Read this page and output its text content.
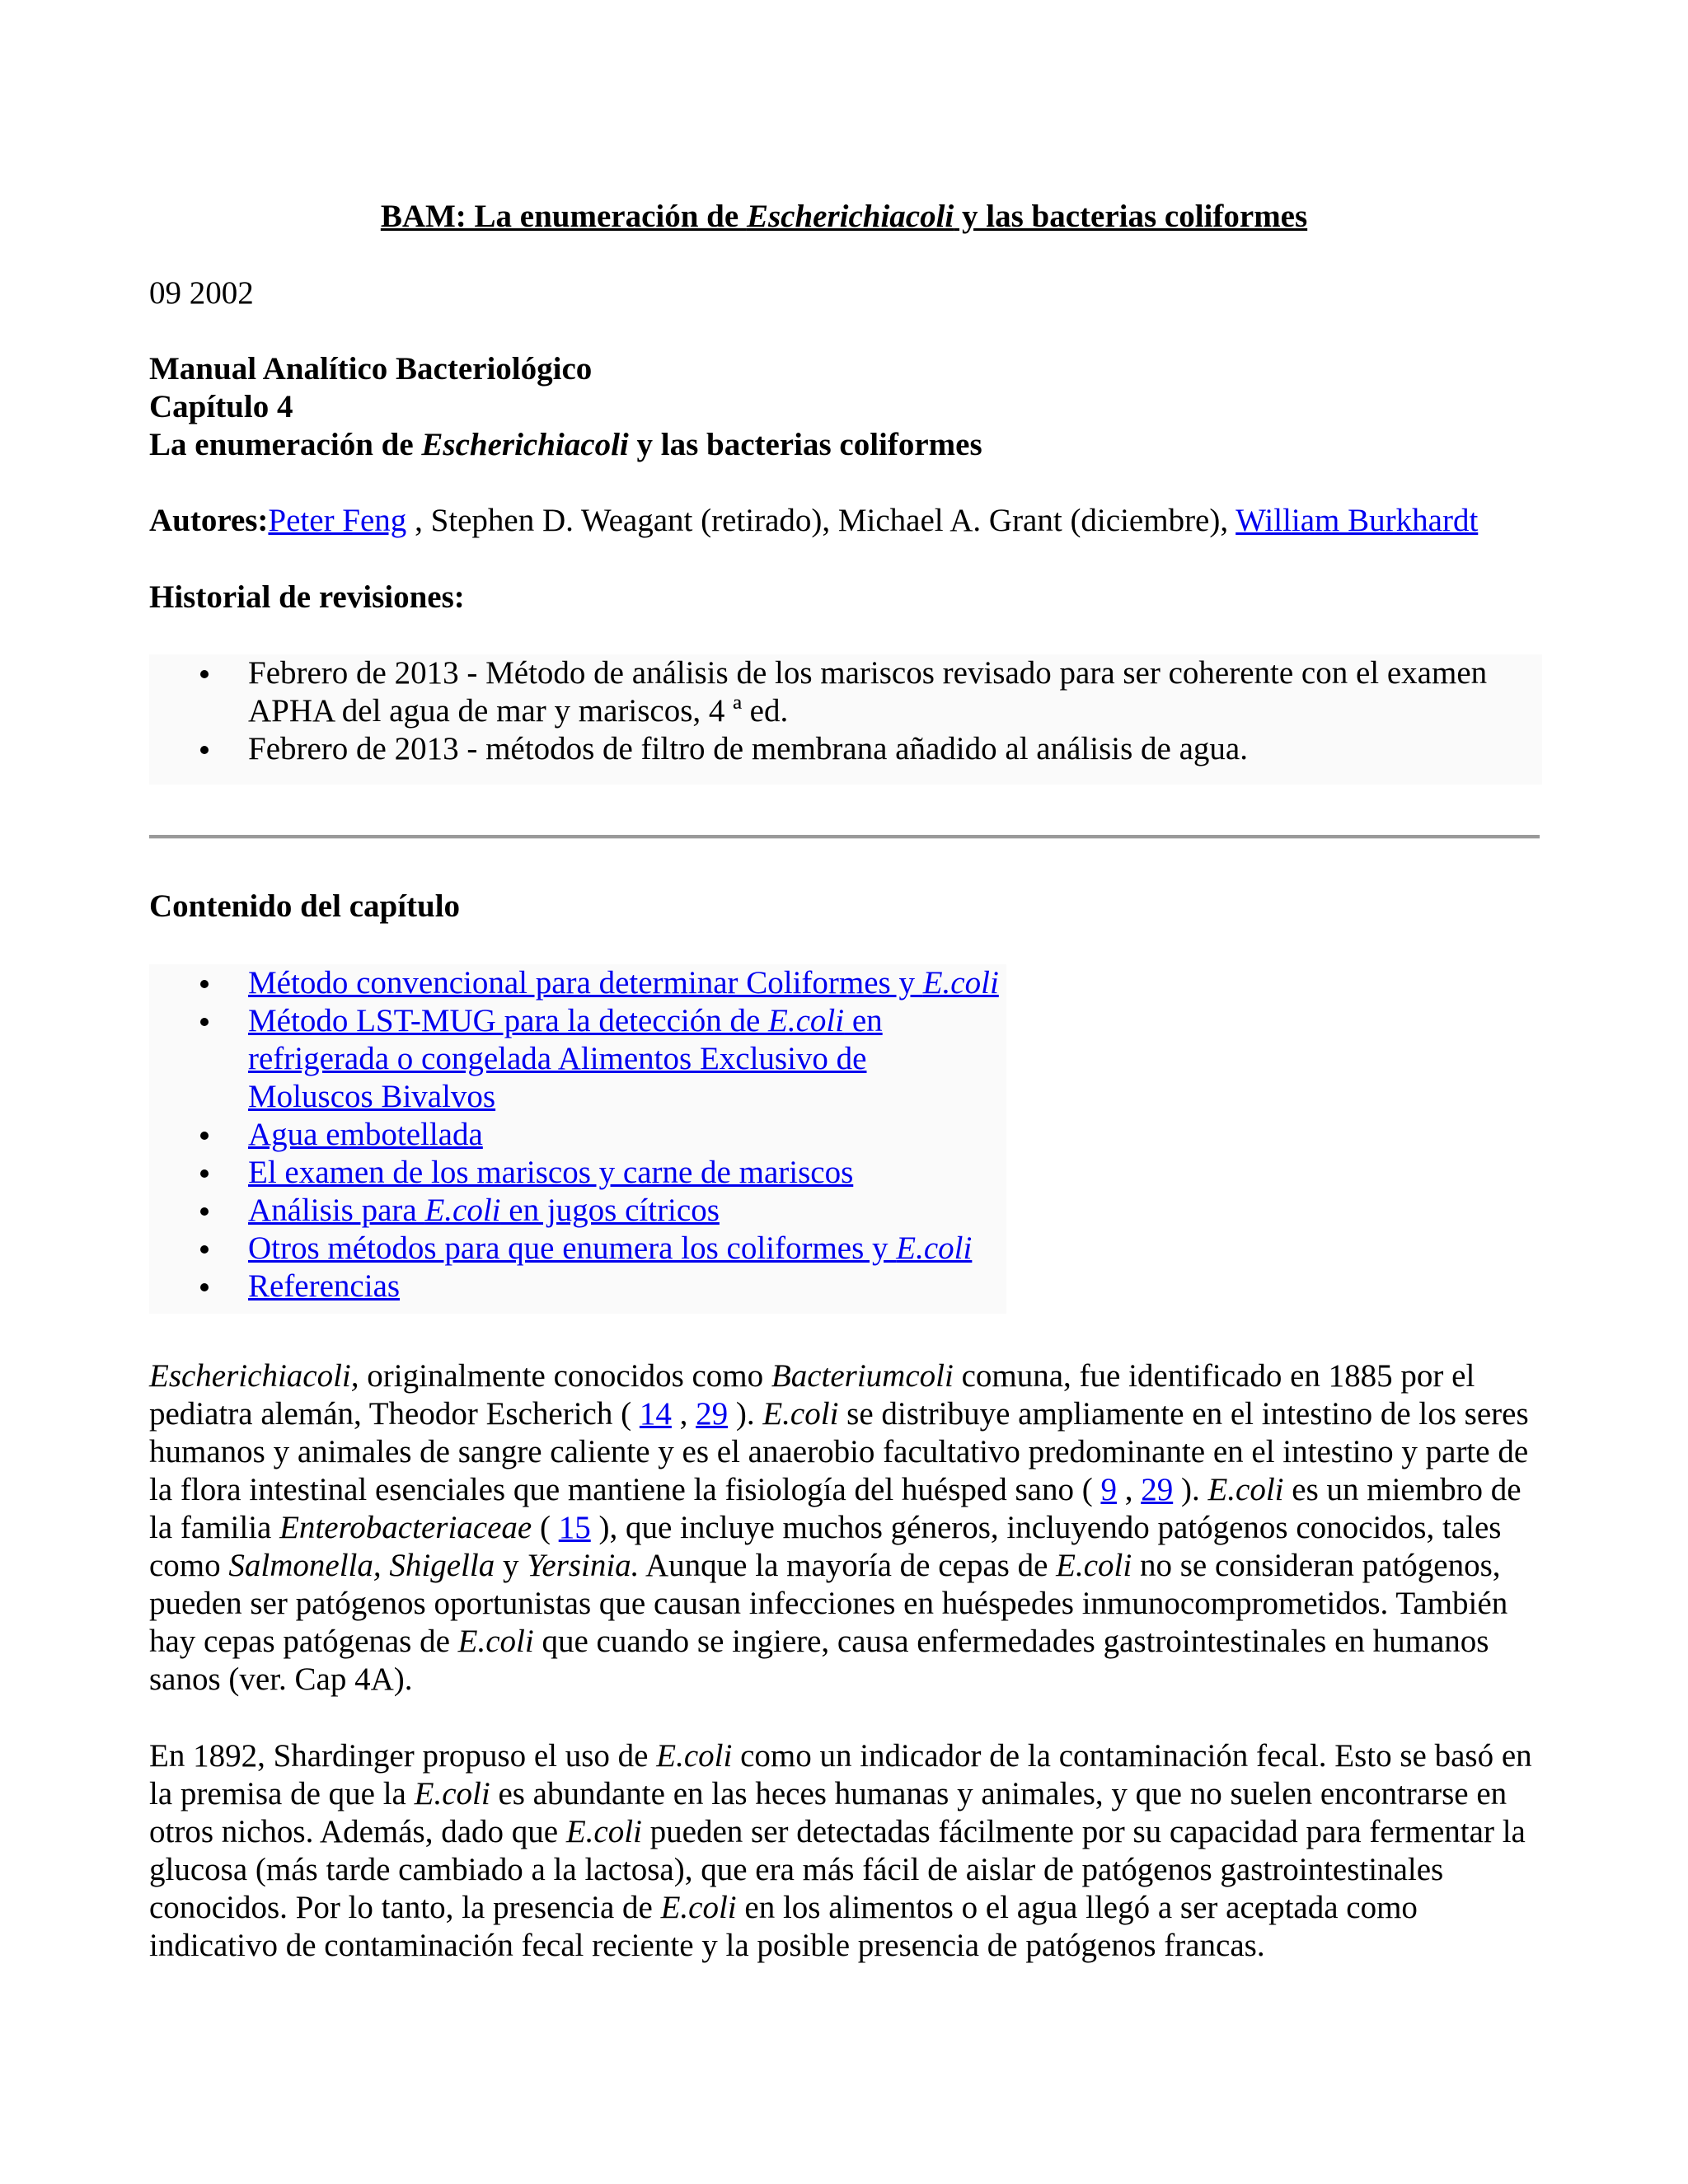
BAM: La enumeración de Escherichiacoli y las bacterias coliformes
09 2002
Manual Analítico Bacteriológico
Capítulo 4
La enumeración de Escherichiacoli y las bacterias coliformes
Autores:Peter Feng , Stephen D. Weagant (retirado), Michael A. Grant (diciembre), William Burkhardt
Historial de revisiones:
Febrero de 2013 - Método de análisis de los mariscos revisado para ser coherente con el examen APHA del agua de mar y mariscos, 4 ª ed.
Febrero de 2013 - métodos de filtro de membrana añadido al análisis de agua.
Contenido del capítulo
Método convencional para determinar Coliformes y E.coli
Método LST-MUG para la detección de E.coli en refrigerada o congelada Alimentos Exclusivo de Moluscos Bivalvos
Agua embotellada
El examen de los mariscos y carne de mariscos
Análisis para E.coli en jugos cítricos
Otros métodos para que enumera los coliformes y E.coli
Referencias

Escherichiacoli, originalmente conocidos como Bacteriumcoli comuna, fue identificado en 1885 por el pediatra alemán, Theodor Escherich ( 14 , 29 ). E.coli se distribuye ampliamente en el intestino de los seres humanos y animales de sangre caliente y es el anaerobio facultativo predominante en el intestino y parte de la flora intestinal esenciales que mantiene la fisiología del huésped sano ( 9 , 29 ). E.coli es un miembro de la familia Enterobacteriaceae ( 15 ), que incluye muchos géneros, incluyendo patógenos conocidos, tales como Salmonella, Shigella y Yersinia. Aunque la mayoría de cepas de E.coli no se consideran patógenos, pueden ser patógenos oportunistas que causan infecciones en huéspedes inmunocomprometidos. También hay cepas patógenas de E.coli que cuando se ingiere, causa enfermedades gastrointestinales en humanos sanos (ver. Cap 4A).

En 1892, Shardinger propuso el uso de E.coli como un indicador de la contaminación fecal. Esto se basó en la premisa de que la E.coli es abundante en las heces humanas y animales, y que no suelen encontrarse en otros nichos. Además, dado que E.coli pueden ser detectadas fácilmente por su capacidad para fermentar la glucosa (más tarde cambiado a la lactosa), que era más fácil de aislar de patógenos gastrointestinales conocidos. Por lo tanto, la presencia de E.coli en los alimentos o el agua llegó a ser aceptada como indicativo de contaminación fecal reciente y la posible presencia de patógenos francas.
